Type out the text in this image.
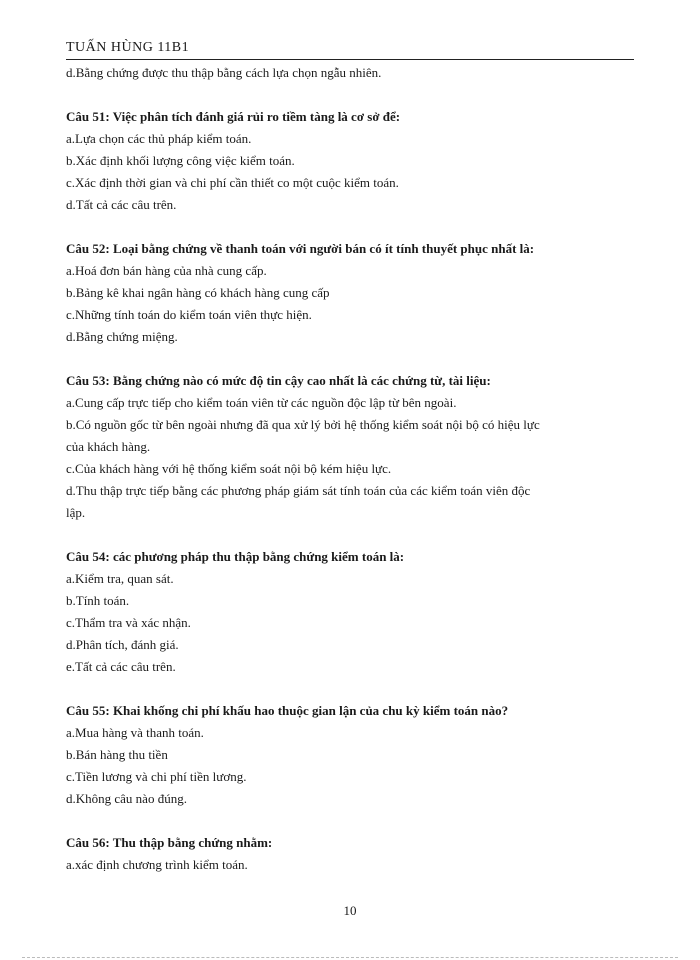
TUẤN HÙNG 11B1

d.Bằng chứng được thu thập bằng cách lựa chọn ngẫu nhiên.

Câu 51: Việc phân tích đánh giá rủi ro tiềm tàng là cơ sở để:

a.Lựa chọn các thủ pháp kiểm toán.

b.Xác định khối lượng công việc kiểm toán.

c.Xác định thời gian và chi phí cần thiết co một cuộc kiểm toán.

d.Tất cả các câu trên.

Câu 52: Loại bằng chứng về thanh toán với người bán có ít tính thuyết phục nhất là:

a.Hoá đơn bán hàng của nhà cung cấp.

b.Bảng kê khai ngân hàng có khách hàng cung cấp

c.Những tính toán do kiểm toán viên thực hiện.

d.Bằng chứng miệng.

Câu 53: Bằng chứng nào có mức độ tin cậy cao nhất là các chứng từ, tài liệu:

a.Cung cấp trực tiếp cho kiểm toán viên từ các nguồn độc lập từ bên ngoài.

b.Có nguồn gốc từ bên ngoài nhưng đã qua xử lý bởi hệ thống kiểm soát nội bộ có hiệu lực

của khách hàng.

c.Của khách hàng với hệ thống kiểm soát nội bộ kém hiệu lực.

d.Thu thập trực tiếp bằng các phương pháp giám sát tính toán của các kiểm toán viên độc

lập.

Câu 54: các phương pháp thu thập bằng chứng kiểm toán là:

a.Kiểm tra, quan sát.

b.Tính toán.

c.Thẩm tra và xác nhận.

d.Phân tích, đánh giá.

e.Tất cả các câu trên.

Câu 55: Khai khống chi phí khấu hao thuộc gian lận của chu kỳ kiểm toán nào?

a.Mua hàng và thanh toán.

b.Bán hàng thu tiền

c.Tiền lương và chi phí tiền lương.

d.Không câu nào đúng.

Câu 56: Thu thập bằng chứng nhằm:

a.xác định chương trình kiểm toán.

10
